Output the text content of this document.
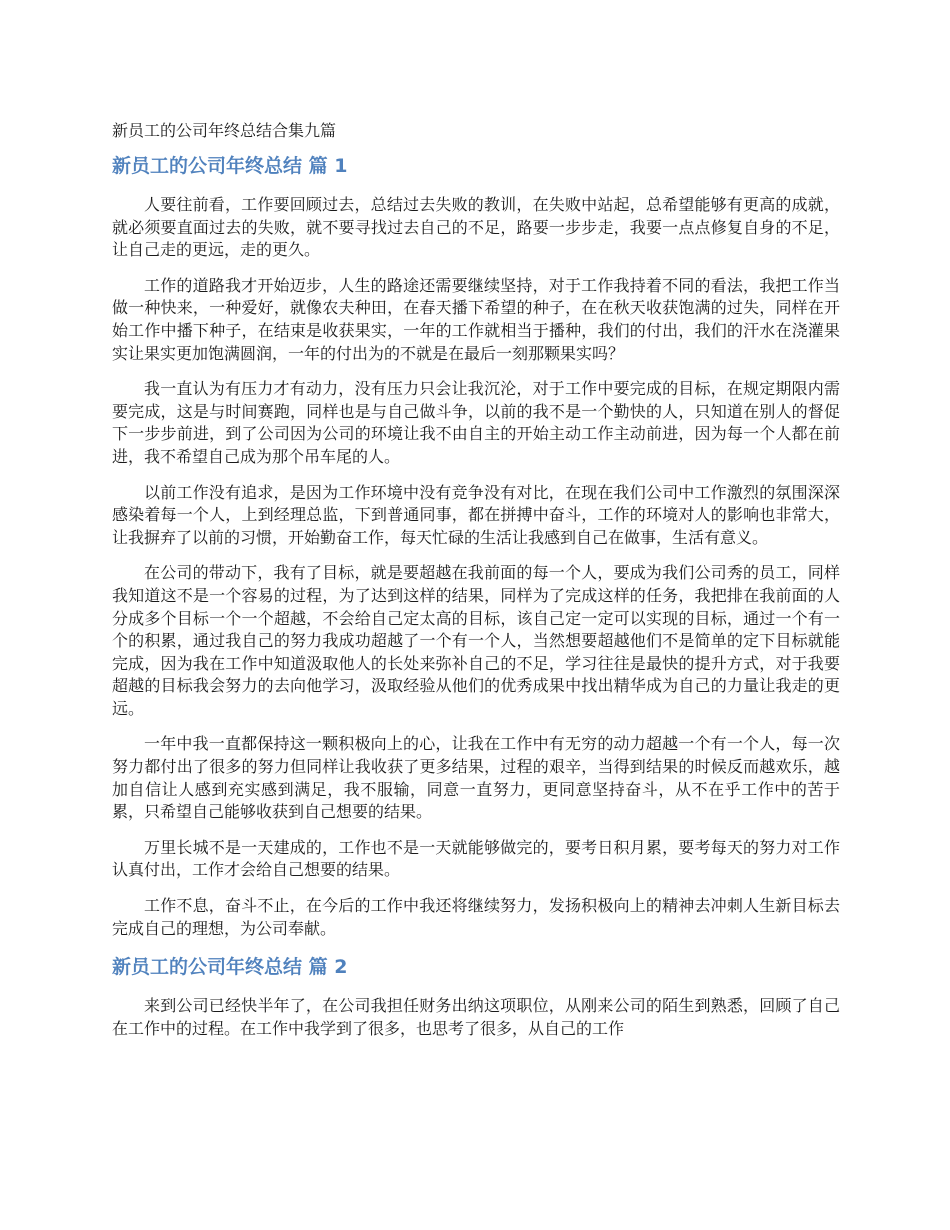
新员工的公司年终总结合集九篇
新员工的公司年终总结 篇 1

人要往前看，工作要回顾过去，总结过去失败的教训，在失败中站起，总希望能够有更高的成就，就必须要直面过去的失败，就不要寻找过去自己的不足，路要一步步走，我要一点点修复自身的不足，让自己走的更远，走的更久。

工作的道路我才开始迈步，人生的路途还需要继续坚持，对于工作我持着不同的看法，我把工作当做一种快来，一种爱好，就像农夫种田，在春天播下希望的种子，在在秋天收获饱满的过失，同样在开始工作中播下种子，在结束是收获果实，一年的工作就相当于播种，我们的付出，我们的汗水在浇灌果实让果实更加饱满圆润，一年的付出为的不就是在最后一刻那颗果实吗？

我一直认为有压力才有动力，没有压力只会让我沉沦，对于工作中要完成的目标，在规定期限内需要完成，这是与时间赛跑，同样也是与自己做斗争，以前的我不是一个勤快的人，只知道在别人的督促下一步步前进，到了公司因为公司的环境让我不由自主的开始主动工作主动前进，因为每一个人都在前进，我不希望自己成为那个吊车尾的人。

以前工作没有追求，是因为工作环境中没有竞争没有对比，在现在我们公司中工作激烈的氛围深深感染着每一个人，上到经理总监，下到普通同事，都在拼搏中奋斗，工作的环境对人的影响也非常大，让我摒弃了以前的习惯，开始勤奋工作，每天忙碌的生活让我感到自己在做事，生活有意义。

在公司的带动下，我有了目标，就是要超越在我前面的每一个人，要成为我们公司秀的员工，同样我知道这不是一个容易的过程，为了达到这样的结果，同样为了完成这样的任务，我把排在我前面的人分成多个目标一个一个超越，不会给自己定太高的目标，该自己定一定可以实现的目标，通过一个有一个的积累，通过我自己的努力我成功超越了一个有一个人，当然想要超越他们不是简单的定下目标就能完成，因为我在工作中知道汲取他人的长处来弥补自己的不足，学习往往是最快的提升方式，对于我要超越的目标我会努力的去向他学习，汲取经验从他们的优秀成果中找出精华成为自己的力量让我走的更远。

一年中我一直都保持这一颗积极向上的心，让我在工作中有无穷的动力超越一个有一个人，每一次努力都付出了很多的努力但同样让我收获了更多结果，过程的艰辛，当得到结果的时候反而越欢乐，越加自信让人感到充实感到满足，我不服输，同意一直努力，更同意坚持奋斗，从不在乎工作中的苦于累，只希望自己能够收获到自己想要的结果。

万里长城不是一天建成的，工作也不是一天就能够做完的，要考日积月累，要考每天的努力对工作认真付出，工作才会给自己想要的结果。

工作不息，奋斗不止，在今后的工作中我还将继续努力，发扬积极向上的精神去冲刺人生新目标去完成自己的理想，为公司奉献。

新员工的公司年终总结 篇 2

来到公司已经快半年了，在公司我担任财务出纳这项职位，从刚来公司的陌生到熟悉，回顾了自己在工作中的过程。在工作中我学到了很多，也思考了很多，从自己的工作
